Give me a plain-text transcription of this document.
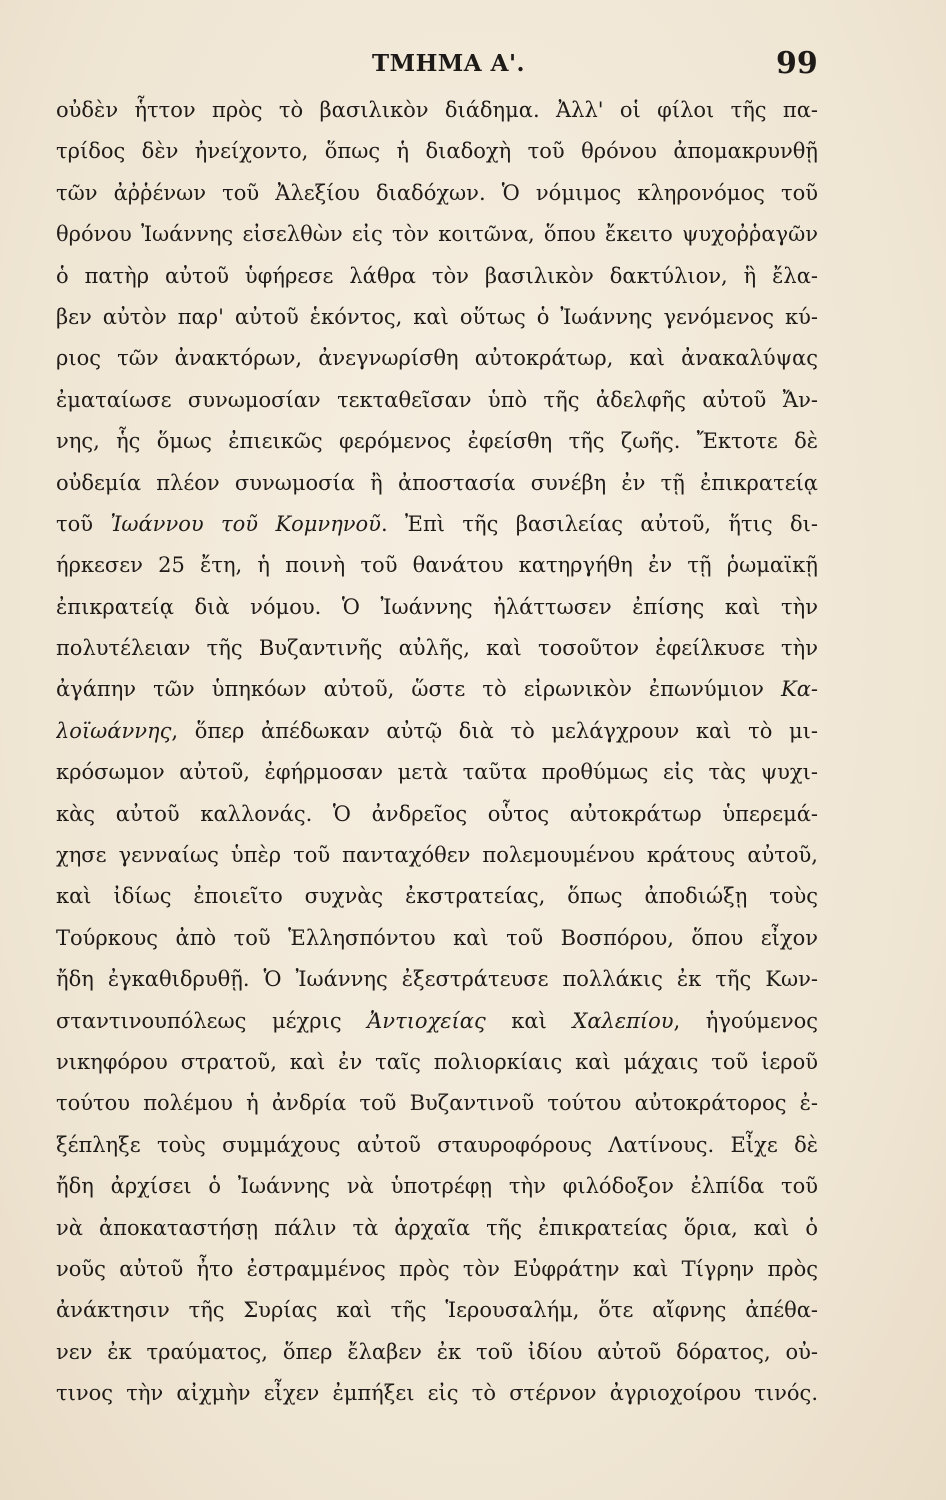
ΤΜΗΜΑ Α'.	99
οὐδὲν ἧττον πρὸς τὸ βασιλικὸν διάδημα. Ἀλλ' οἱ φίλοι τῆς πα-
τρίδος δὲν ἠνείχοντο, ὅπως ἡ διαδοχὴ τοῦ θρόνου ἀπομακρυνθῇ
τῶν ἀῤῥένων τοῦ Ἀλεξίου διαδόχων. Ὁ νόμιμος κληρονόμος τοῦ
θρόνου Ἰωάννης εἰσελθὼν εἰς τὸν κοιτῶνα, ὅπου ἔκειτο ψυχοῤῥαγῶν
ὁ πατὴρ αὐτοῦ ὑφήρεσε λάθρα τὸν βασιλικὸν δακτύλιον, ἣ ἔλα-
βεν αὐτὸν παρ' αὐτοῦ ἑκόντος, καὶ οὕτως ὁ Ἰωάννης γενόμενος κύ-
ριος τῶν ἀνακτόρων, ἀνεγνωρίσθη αὐτοκράτωρ, καὶ ἀνακαλύψας
ἐματαίωσε συνωμοσίαν τεκταθεῖσαν ὑπὸ τῆς ἀδελφῆς αὐτοῦ Ἄν-
νης, ἧς ὅμως ἐπιεικῶς φερόμενος ἐφείσθη τῆς ζωῆς. Ἔκτοτε δὲ
οὐδεμία πλέον συνωμοσία ἢ ἀποστασία συνέβη ἐν τῇ ἐπικρατείᾳ
τοῦ Ἰωάννου τοῦ Κομνηνοῦ. Ἐπὶ τῆς βασιλείας αὐτοῦ, ἥτις δι-
ήρκεσεν 25 ἔτη, ἡ ποινὴ τοῦ θανάτου κατηργήθη ἐν τῇ ῥωμαϊκῇ
ἐπικρατείᾳ διὰ νόμου. Ὁ Ἰωάννης ἠλάττωσεν ἐπίσης καὶ τὴν
πολυτέλειαν τῆς Βυζαντινῆς αὐλῆς, καὶ τοσοῦτον ἐφείλκυσε τὴν
ἀγάπην τῶν ὑπηκόων αὐτοῦ, ὥστε τὸ εἰρωνικὸν ἐπωνύμιον Κα-
λοϊωάννης, ὅπερ ἀπέδωκαν αὐτῷ διὰ τὸ μελάγχρουν καὶ τὸ μι-
κρόσωμον αὐτοῦ, ἐφήρμοσαν μετὰ ταῦτα προθύμως εἰς τὰς ψυχι-
κὰς αὐτοῦ καλλονάς. Ὁ ἀνδρεῖος οὗτος αὐτοκράτωρ ὑπερεμά-
χησε γενναίως ὑπὲρ τοῦ πανταχόθεν πολεμουμένου κράτους αὐτοῦ,
καὶ ἰδίως ἐποιεῖτο συχνὰς ἐκστρατείας, ὅπως ἀποδιώξῃ τοὺς
Τούρκους ἀπὸ τοῦ Ἑλλησπόντου καὶ τοῦ Βοσπόρου, ὅπου εἶχον
ἤδη ἐγκαθιδρυθῇ. Ὁ Ἰωάννης ἐξεστράτευσε πολλάκις ἐκ τῆς Κων-
σταντινουπόλεως μέχρις Ἀντιοχείας καὶ Χαλεπίου, ἡγούμενος
νικηφόρου στρατοῦ, καὶ ἐν ταῖς πολιορκίαις καὶ μάχαις τοῦ ἱεροῦ
τούτου πολέμου ἡ ἀνδρία τοῦ Βυζαντινοῦ τούτου αὐτοκράτορος ἐ-
ξέπληξε τοὺς συμμάχους αὐτοῦ σταυροφόρους Λατίνους. Εἶχε δὲ
ἤδη ἀρχίσει ὁ Ἰωάννης νὰ ὑποτρέφῃ τὴν φιλόδοξον ἐλπίδα τοῦ
νὰ ἀποκαταστήσῃ πάλιν τὰ ἀρχαῖα τῆς ἐπικρατείας ὅρια, καὶ ὁ
νοῦς αὐτοῦ ἦτο ἐστραμμένος πρὸς τὸν Εὐφράτην καὶ Τίγρην πρὸς
ἀνάκτησιν τῆς Συρίας καὶ τῆς Ἱερουσαλήμ, ὅτε αἴφνης ἀπέθα-
νεν ἐκ τραύματος, ὅπερ ἔλαβεν ἐκ τοῦ ἰδίου αὐτοῦ δόρατος, οὐ-
τινος τὴν αἰχμὴν εἶχεν ἐμπήξει εἰς τὸ στέρνον ἀγριοχοίρου τινός.
